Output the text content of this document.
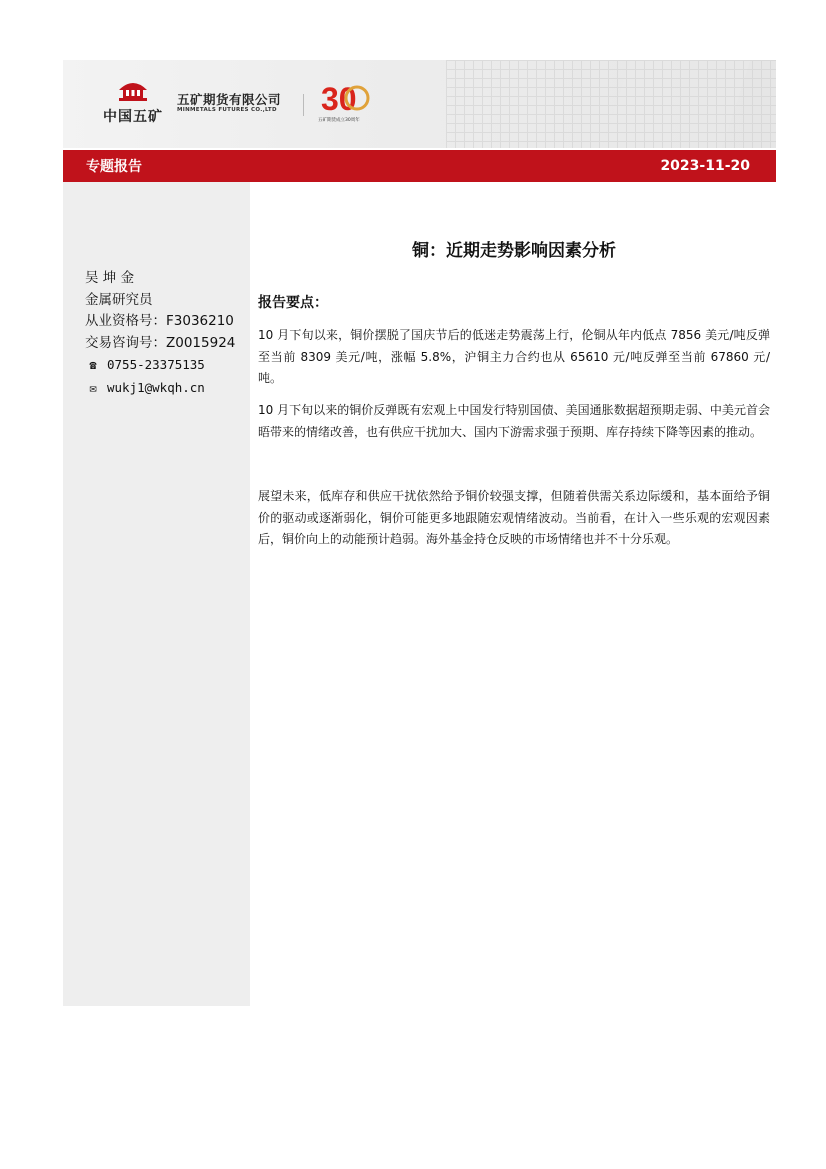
中国五矿
五矿期货有限公司
MINMETALS FUTURES CO.,LTD 30
五矿期货成立30周年
专题报告	2023-11-20
吴 坤 金
金属研究员
从业资格号：F3036210
交易咨询号：Z0015924
☎ 0755-23375135
✉ wukj1@wkqh.cn
铜：近期走势影响因素分析
报告要点：

10 月下旬以来，铜价摆脱了国庆节后的低迷走势震荡上行，伦铜从年内低点 7856 美元/吨反弹至当前 8309 美元/吨，涨幅 5.8%，沪铜主力合约也从 65610 元/吨反弹至当前 67860 元/吨。

10 月下旬以来的铜价反弹既有宏观上中国发行特别国债、美国通胀数据超预期走弱、中美元首会晤带来的情绪改善，也有供应干扰加大、国内下游需求强于预期、库存持续下降等因素的推动。

展望未来，低库存和供应干扰依然给予铜价较强支撑，但随着供需关系边际缓和，基本面给予铜价的驱动或逐渐弱化，铜价可能更多地跟随宏观情绪波动。当前看，在计入一些乐观的宏观因素后，铜价向上的动能预计趋弱。海外基金持仓反映的市场情绪也并不十分乐观。
